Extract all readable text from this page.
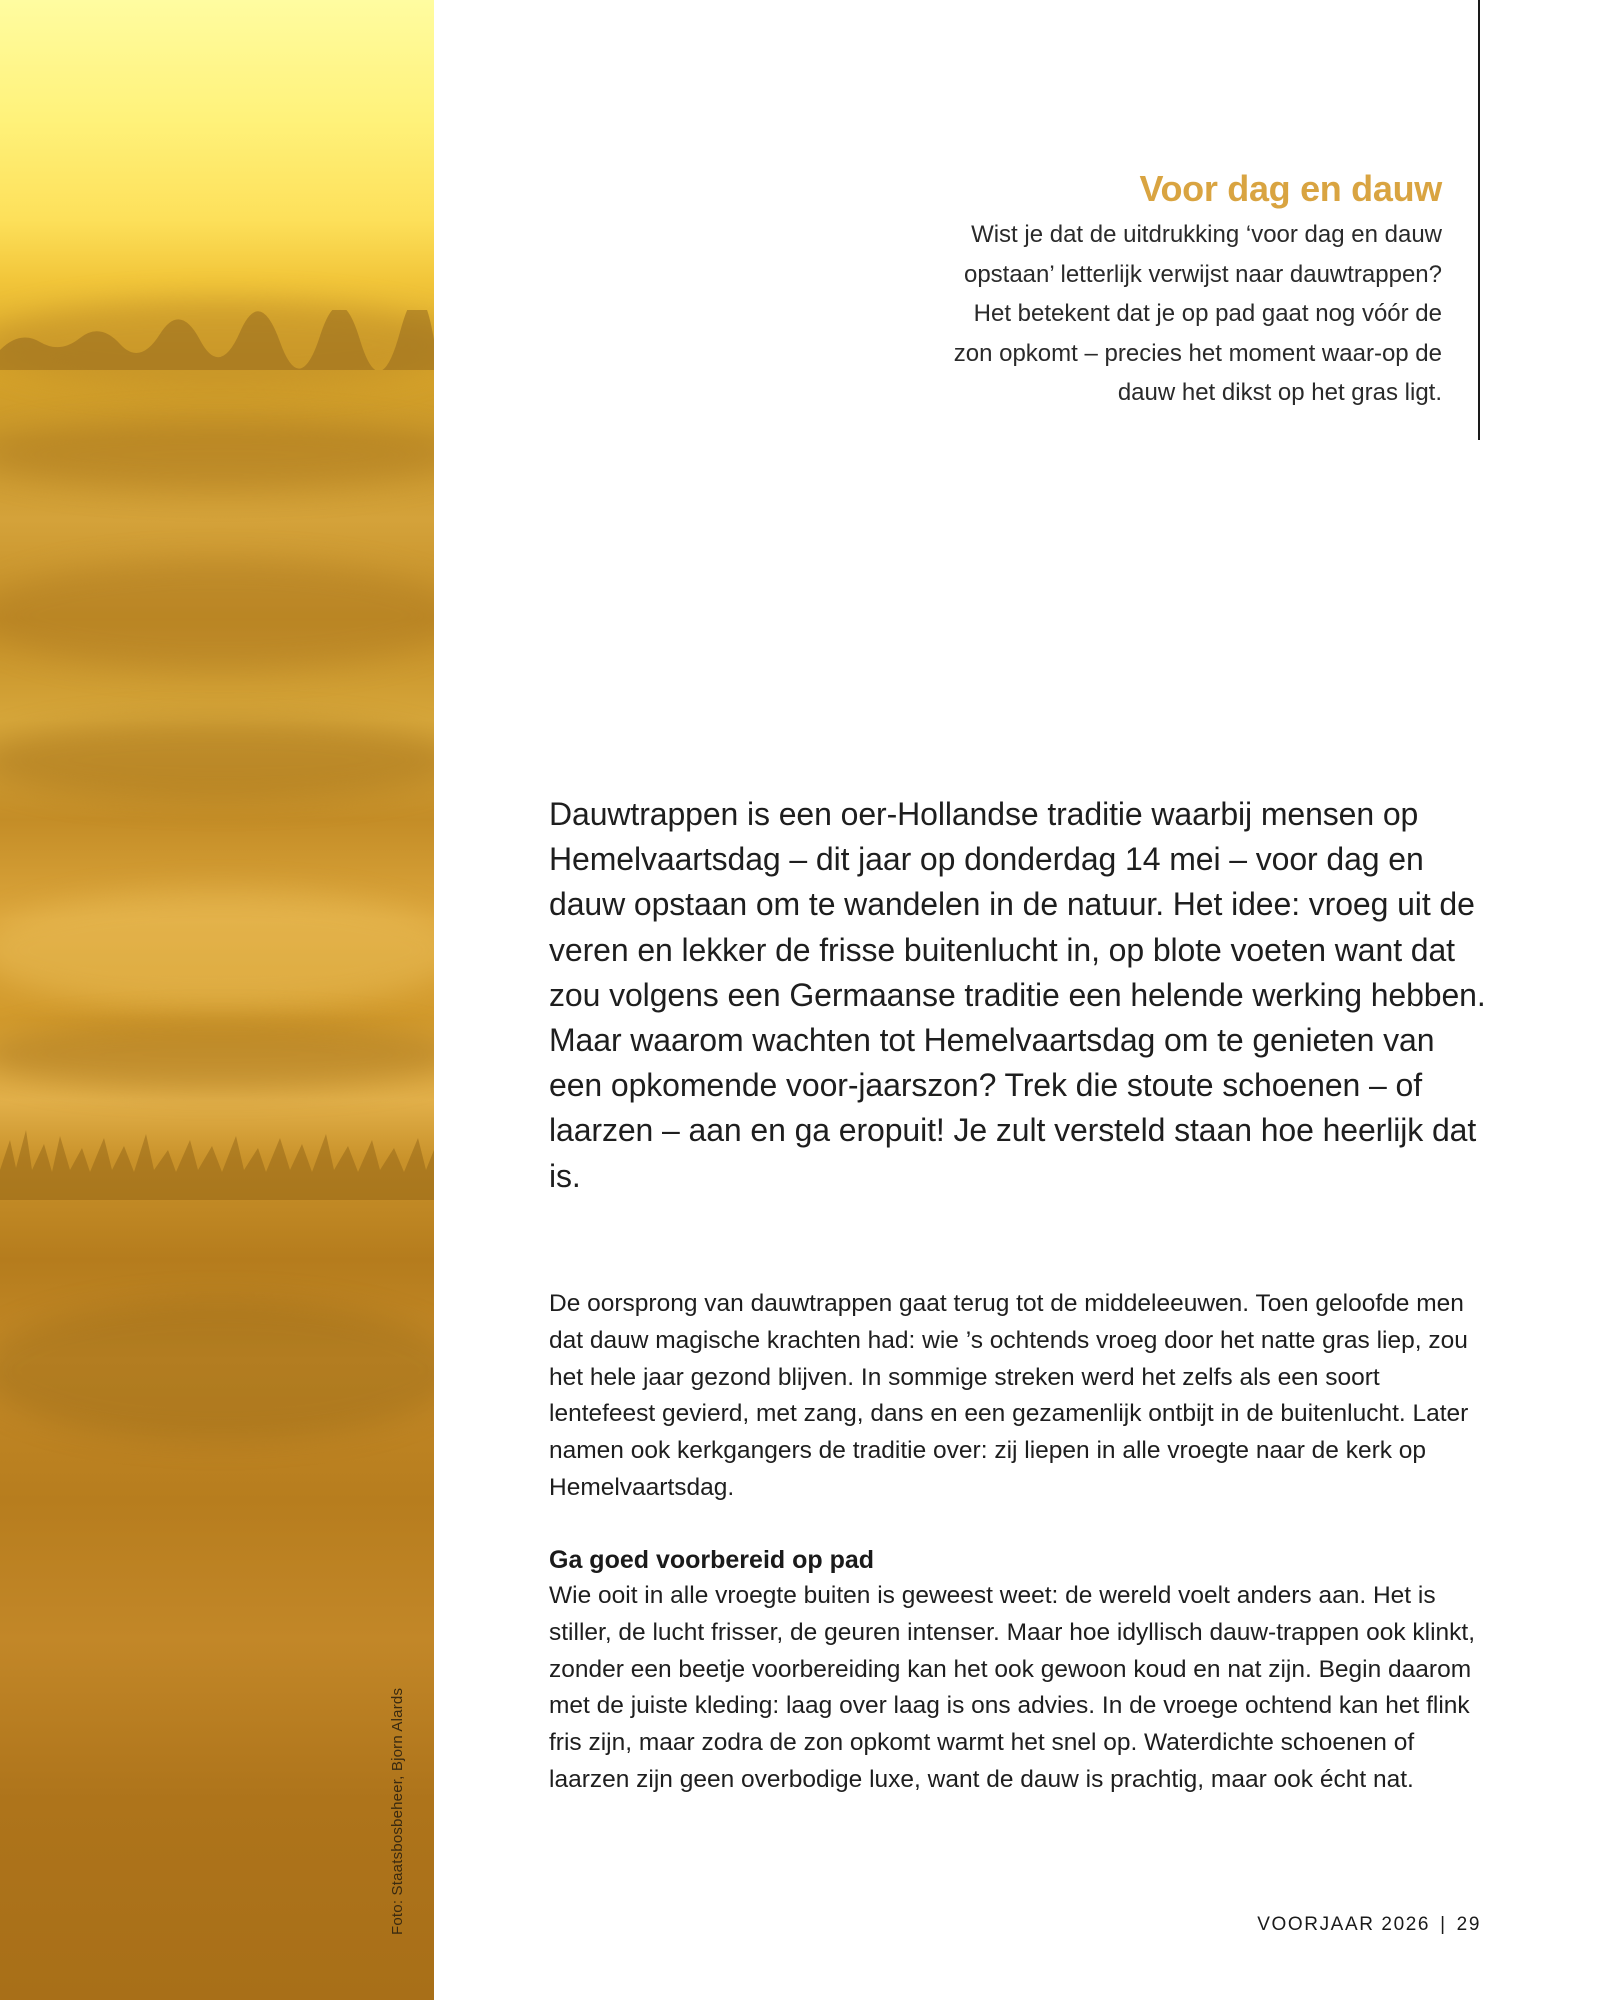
Foto: Staatsbosbeheer, Bjorn Alards
Voor dag en dauw

Wist je dat de uitdrukking ‘voor dag en dauw opstaan’ letterlijk verwijst naar dauwtrappen? Het betekent dat je op pad gaat nog vóór de zon opkomt – precies het moment waar-op de dauw het dikst op het gras ligt.

Dauwtrappen is een oer-Hollandse traditie waarbij mensen op Hemelvaartsdag – dit jaar op donderdag 14 mei – voor dag en dauw opstaan om te wandelen in de natuur. Het idee: vroeg uit de veren en lekker de frisse buitenlucht in, op blote voeten want dat zou volgens een Germaanse traditie een helende werking hebben. Maar waarom wachten tot Hemelvaartsdag om te genieten van een opkomende voor-jaarszon? Trek die stoute schoenen – of laarzen – aan en ga eropuit! Je zult versteld staan hoe heerlijk dat is.

De oorsprong van dauwtrappen gaat terug tot de middeleeuwen. Toen geloofde men dat dauw magische krachten had: wie ’s ochtends vroeg door het natte gras liep, zou het hele jaar gezond blijven. In sommige streken werd het zelfs als een soort lentefeest gevierd, met zang, dans en een gezamenlijk ontbijt in de buitenlucht. Later namen ook kerkgangers de traditie over: zij liepen in alle vroegte naar de kerk op Hemelvaartsdag.

Ga goed voorbereid op pad

Wie ooit in alle vroegte buiten is geweest weet: de wereld voelt anders aan. Het is stiller, de lucht frisser, de geuren intenser. Maar hoe idyllisch dauw-trappen ook klinkt, zonder een beetje voorbereiding kan het ook gewoon koud en nat zijn. Begin daarom met de juiste kleding: laag over laag is ons advies. In de vroege ochtend kan het flink fris zijn, maar zodra de zon opkomt warmt het snel op. Waterdichte schoenen of laarzen zijn geen overbodige luxe, want de dauw is prachtig, maar ook écht nat.

VOORJAAR 2026 | 29
